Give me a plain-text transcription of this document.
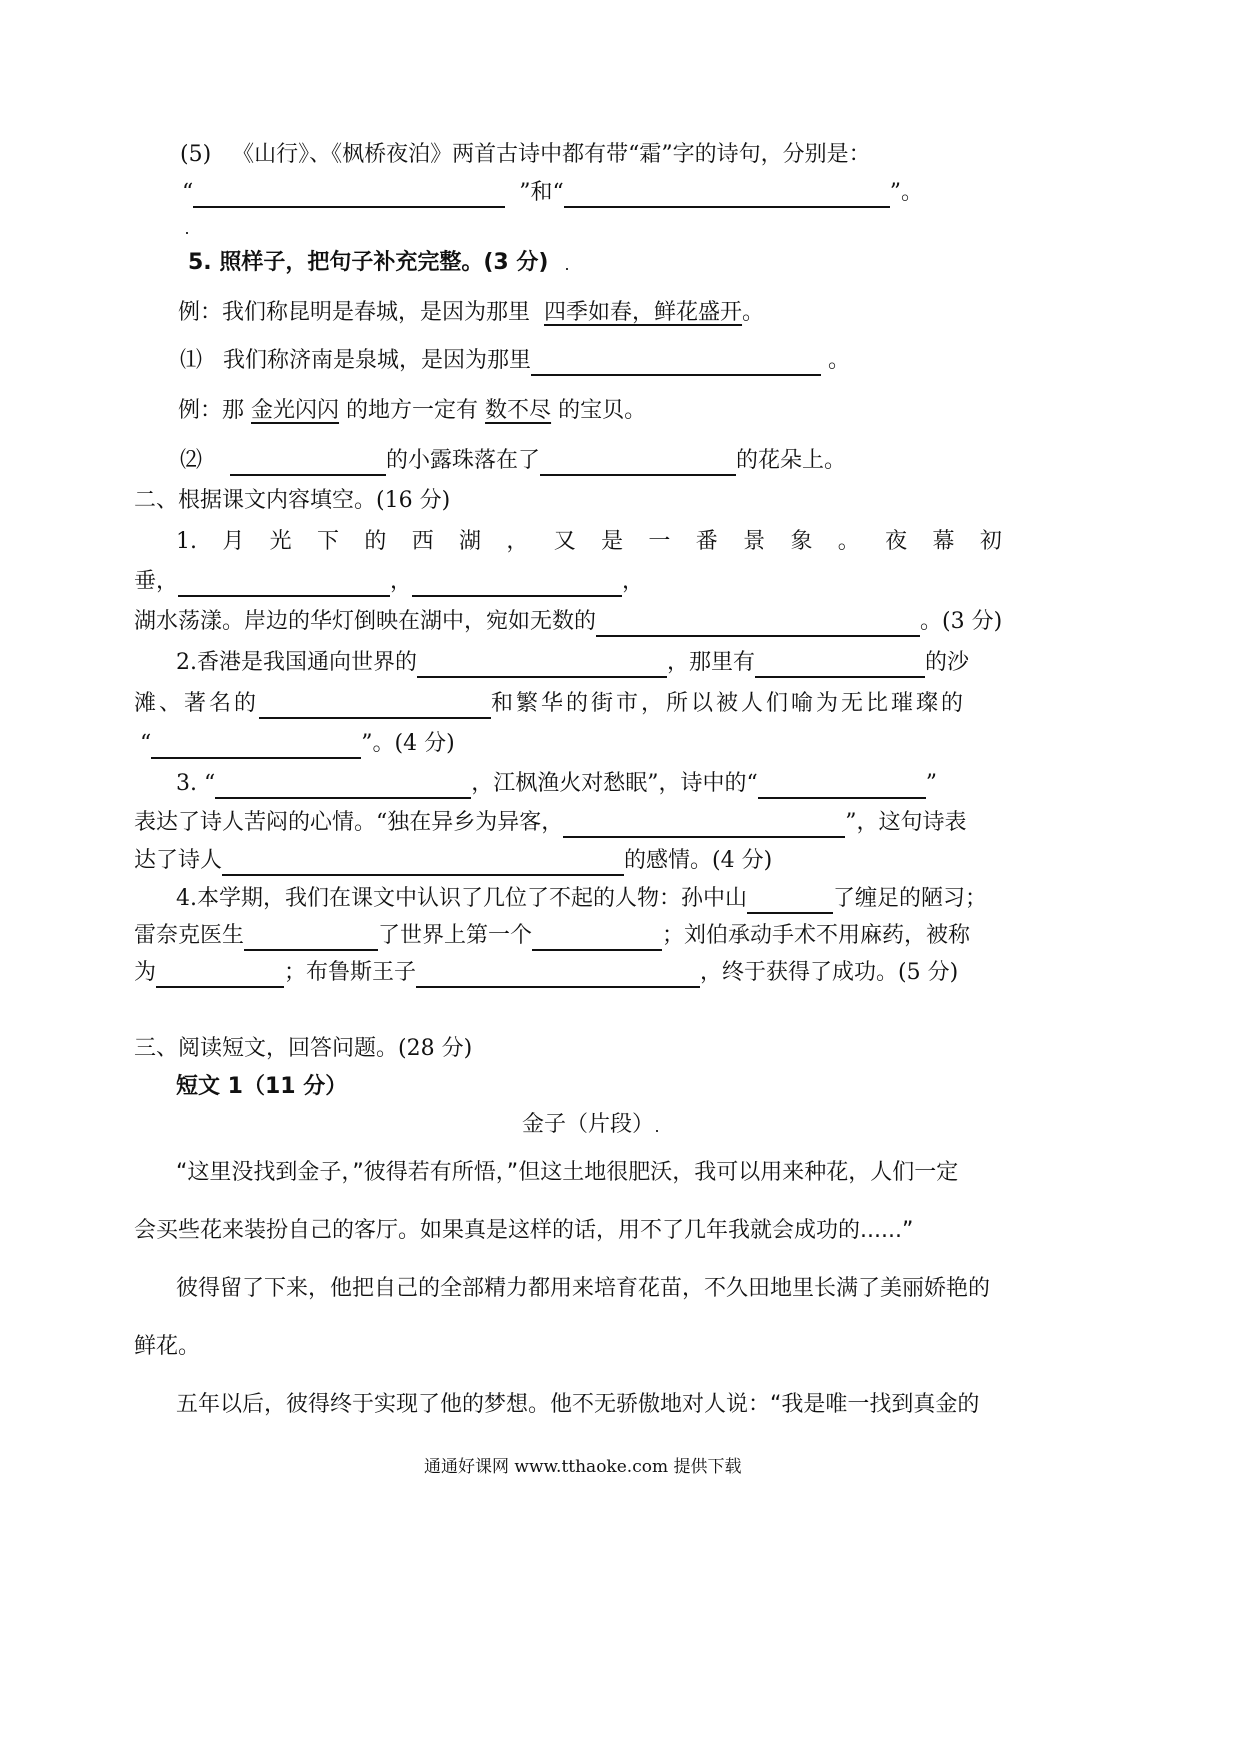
(5) 《山行》、《枫桥夜泊》两首古诗中都有带“霜”字的诗句，分别是：
“	”和“	”。
5. 照样子，把句子补充完整。(3 分)
例：我们称昆明是春城，是因为那里 四季如春，鲜花盛开。
⑴ 我们称济南是泉城，是因为那里	。
例：那 金光闪闪 的地方一定有 数不尽 的宝贝。
⑵	的小露珠落在了	的花朵上。
二、根据课文内容填空。(16 分)
1. 月 光 下 的 西 湖 ， 又 是 一 番 景 象 。 夜 幕 初
垂，	，	，
湖水荡漾。岸边的华灯倒映在湖中，宛如无数的	。(3 分)
2.香港是我国通向世界的	，那里有	的沙
滩、著名的	和繁华的街市，所以被人们喻为无比璀璨的
“	”。(4 分)
3. “	，江枫渔火对愁眠”，诗中的“	”
表达了诗人苦闷的心情。“独在异乡为异客，	”，这句诗表
达了诗人	的感情。(4 分)
4.本学期，我们在课文中认识了几位了不起的人物：孙中山	了缠足的陋习；
雷奈克医生	了世界上第一个	；刘伯承动手术不用麻药，被称
为	；布鲁斯王子	，终于获得了成功。(5 分)
三、阅读短文，回答问题。(28 分)
短文 1（11 分）
金子（片段）
“这里没找到金子，”彼得若有所悟，”但这土地很肥沃，我可以用来种花，人们一定
会买些花来装扮自己的客厅。如果真是这样的话，用不了几年我就会成功的......”
彼得留了下来，他把自己的全部精力都用来培育花苗，不久田地里长满了美丽娇艳的
鲜花。
五年以后，彼得终于实现了他的梦想。他不无骄傲地对人说：“我是唯一找到真金的
通通好课网 www.tthaoke.com 提供下载
